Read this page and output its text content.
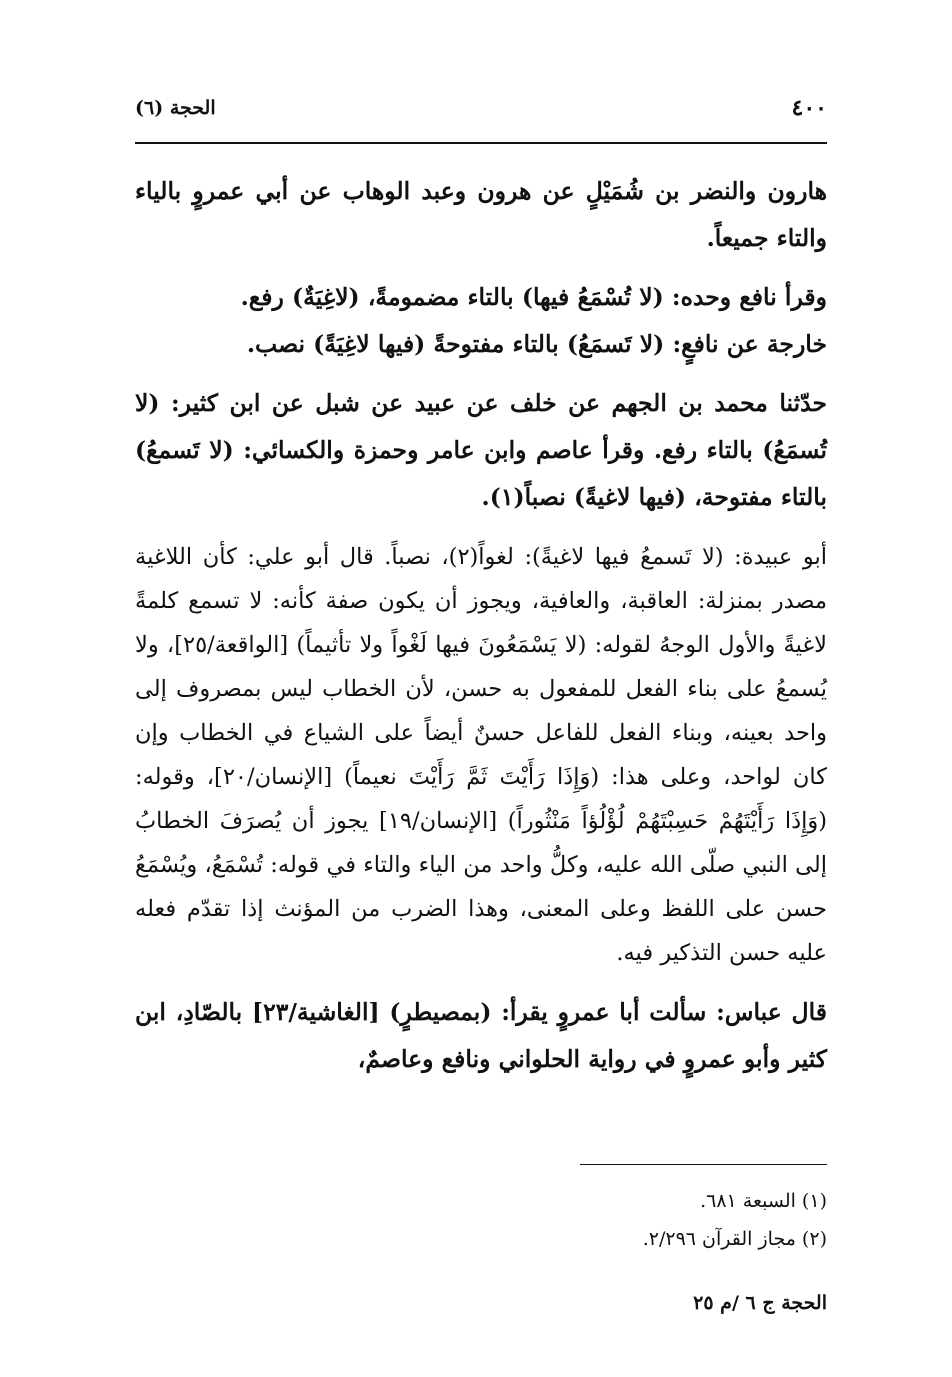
٤٠٠
الحجة (٦)

هارون والنضر بن شُمَيْلٍ عن هرون وعبد الوهاب عن أبي عمروٍ بالياء والتاء جميعاً.

وقرأ نافع وحده: (لا تُسْمَعُ فيها) بالتاء مضمومةً، (لاغِيَةٌ) رفع.

خارجة عن نافعٍ: (لا تَسمَعُ) بالتاء مفتوحةً (فيها لاغِيَةً) نصب.

حدّثنا محمد بن الجهم عن خلف عن عبيد عن شبل عن ابن كثير: (لا تُسمَعُ) بالتاء رفع. وقرأ عاصم وابن عامر وحمزة والكسائي: (لا تَسمعُ) بالتاء مفتوحة، (فيها لاغيةً) نصباً(١).

أبو عبيدة: (لا تَسمعُ فيها لاغيةً): لغواً(٢)، نصباً. قال أبو علي: كأن اللاغية مصدر بمنزلة: العاقبة، والعافية، ويجوز أن يكون صفة كأنه: لا تسمع كلمةً لاغيةً والأول الوجهُ لقوله: (لا يَسْمَعُونَ فيها لَغْواً ولا تأثيماً) [الواقعة/٢٥]، ولا يُسمعُ على بناء الفعل للمفعول به حسن، لأن الخطاب ليس بمصروف إلى واحد بعينه، وبناء الفعل للفاعل حسنٌ أيضاً على الشياع في الخطاب وإن كان لواحد، وعلى هذا: (وَإِذَا رَأَيْتَ ثَمَّ رَأَيْتَ نعيماً) [الإنسان/٢٠]، وقوله: (وَإِذَا رَأَيْتَهُمْ حَسِبْتَهُمْ لُؤْلُؤاً مَنْثُوراً) [الإنسان/١٩] يجوز أن يُصرَفَ الخطابُ إلى النبي صلّى الله عليه، وكلُّ واحد من الياء والتاء في قوله: تُسْمَعُ، ويُسْمَعُ حسن على اللفظ وعلى المعنى، وهذا الضرب من المؤنث إذا تقدّم فعله عليه حسن التذكير فيه.

قال عباس: سألت أبا عمروٍ يقرأ: (بمصيطرٍ) [الغاشية/٢٣] بالصّادِ، ابن كثير وأبو عمروٍ في رواية الحلواني ونافع وعاصمٌ،

(١) السبعة ٦٨١.

(٢) مجاز القرآن ٢/٢٩٦.

الحجة ج ٦ /م ٢٥
